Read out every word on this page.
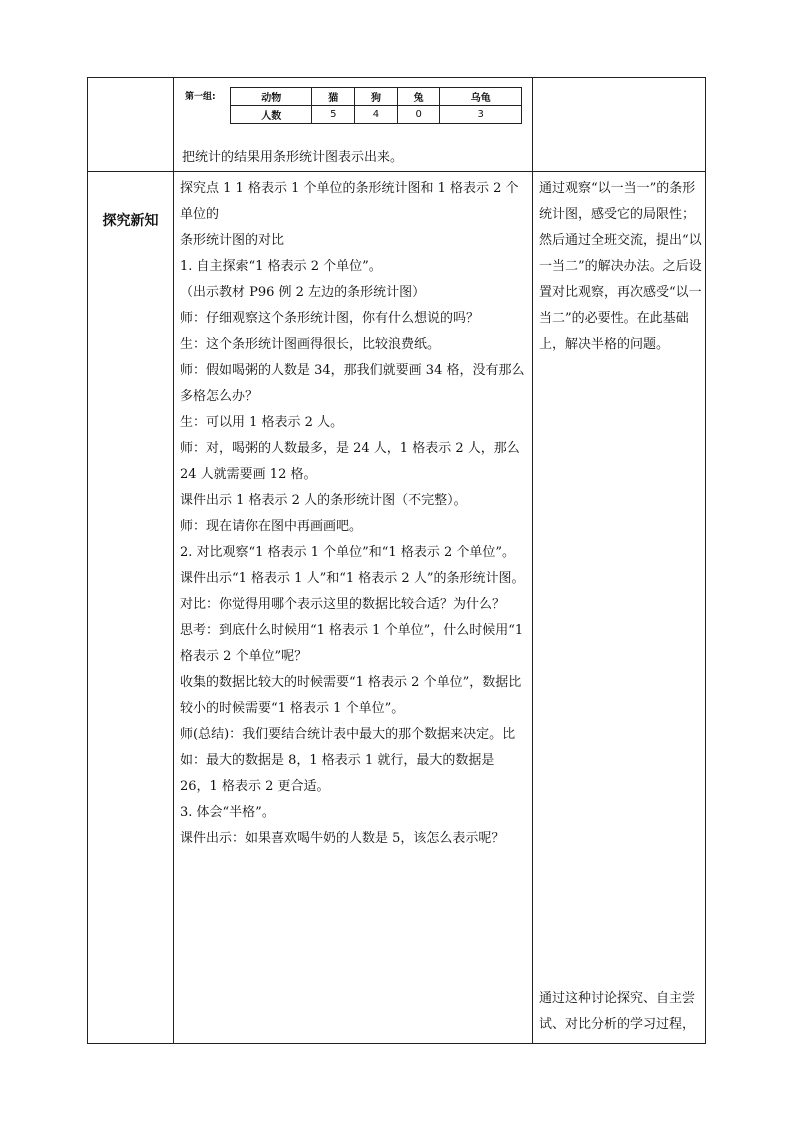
第一组:	动物	猫	狗	兔	乌龟
人数	5	4	0	3
把统计的结果用条形统计图表示出来。
探究新知

探究点 1 1 格表示 1 个单位的条形统计图和 1 格表示 2 个单位的

条形统计图的对比

1. 自主探索“1 格表示 2 个单位”。

（出示教材 P96 例 2 左边的条形统计图）

师：仔细观察这个条形统计图，你有什么想说的吗？

生：这个条形统计图画得很长，比较浪费纸。

师：假如喝粥的人数是 34，那我们就要画 34 格，没有那么多格怎么办？

生：可以用 1 格表示 2 人。

师：对，喝粥的人数最多，是 24 人，1 格表示 2 人，那么 24 人就需要画 12 格。

课件出示 1 格表示 2 人的条形统计图（不完整）。

师：现在请你在图中再画画吧。

2. 对比观察“1 格表示 1 个单位”和“1 格表示 2 个单位”。

课件出示“1 格表示 1 人”和“1 格表示 2 人”的条形统计图。

对比：你觉得用哪个表示这里的数据比较合适？为什么？

思考：到底什么时候用“1 格表示 1 个单位”，什么时候用“1 格表示 2 个单位”呢？

收集的数据比较大的时候需要“1 格表示 2 个单位”，数据比较小的时候需要“1 格表示 1 个单位”。

师(总结)：我们要结合统计表中最大的那个数据来决定。比如：最大的数据是 8，1 格表示 1 就行，最大的数据是 26，1 格表示 2 更合适。

3. 体会“半格”。

课件出示：如果喜欢喝牛奶的人数是 5，该怎么表示呢？

通过观察“以一当一”的条形统计图，感受它的局限性；然后通过全班交流，提出“以一当二”的解决办法。之后设置对比观察，再次感受“以一当二”的必要性。在此基础上，解决半格的问题。
通过这种讨论探究、自主尝试、对比分析的学习过程，
